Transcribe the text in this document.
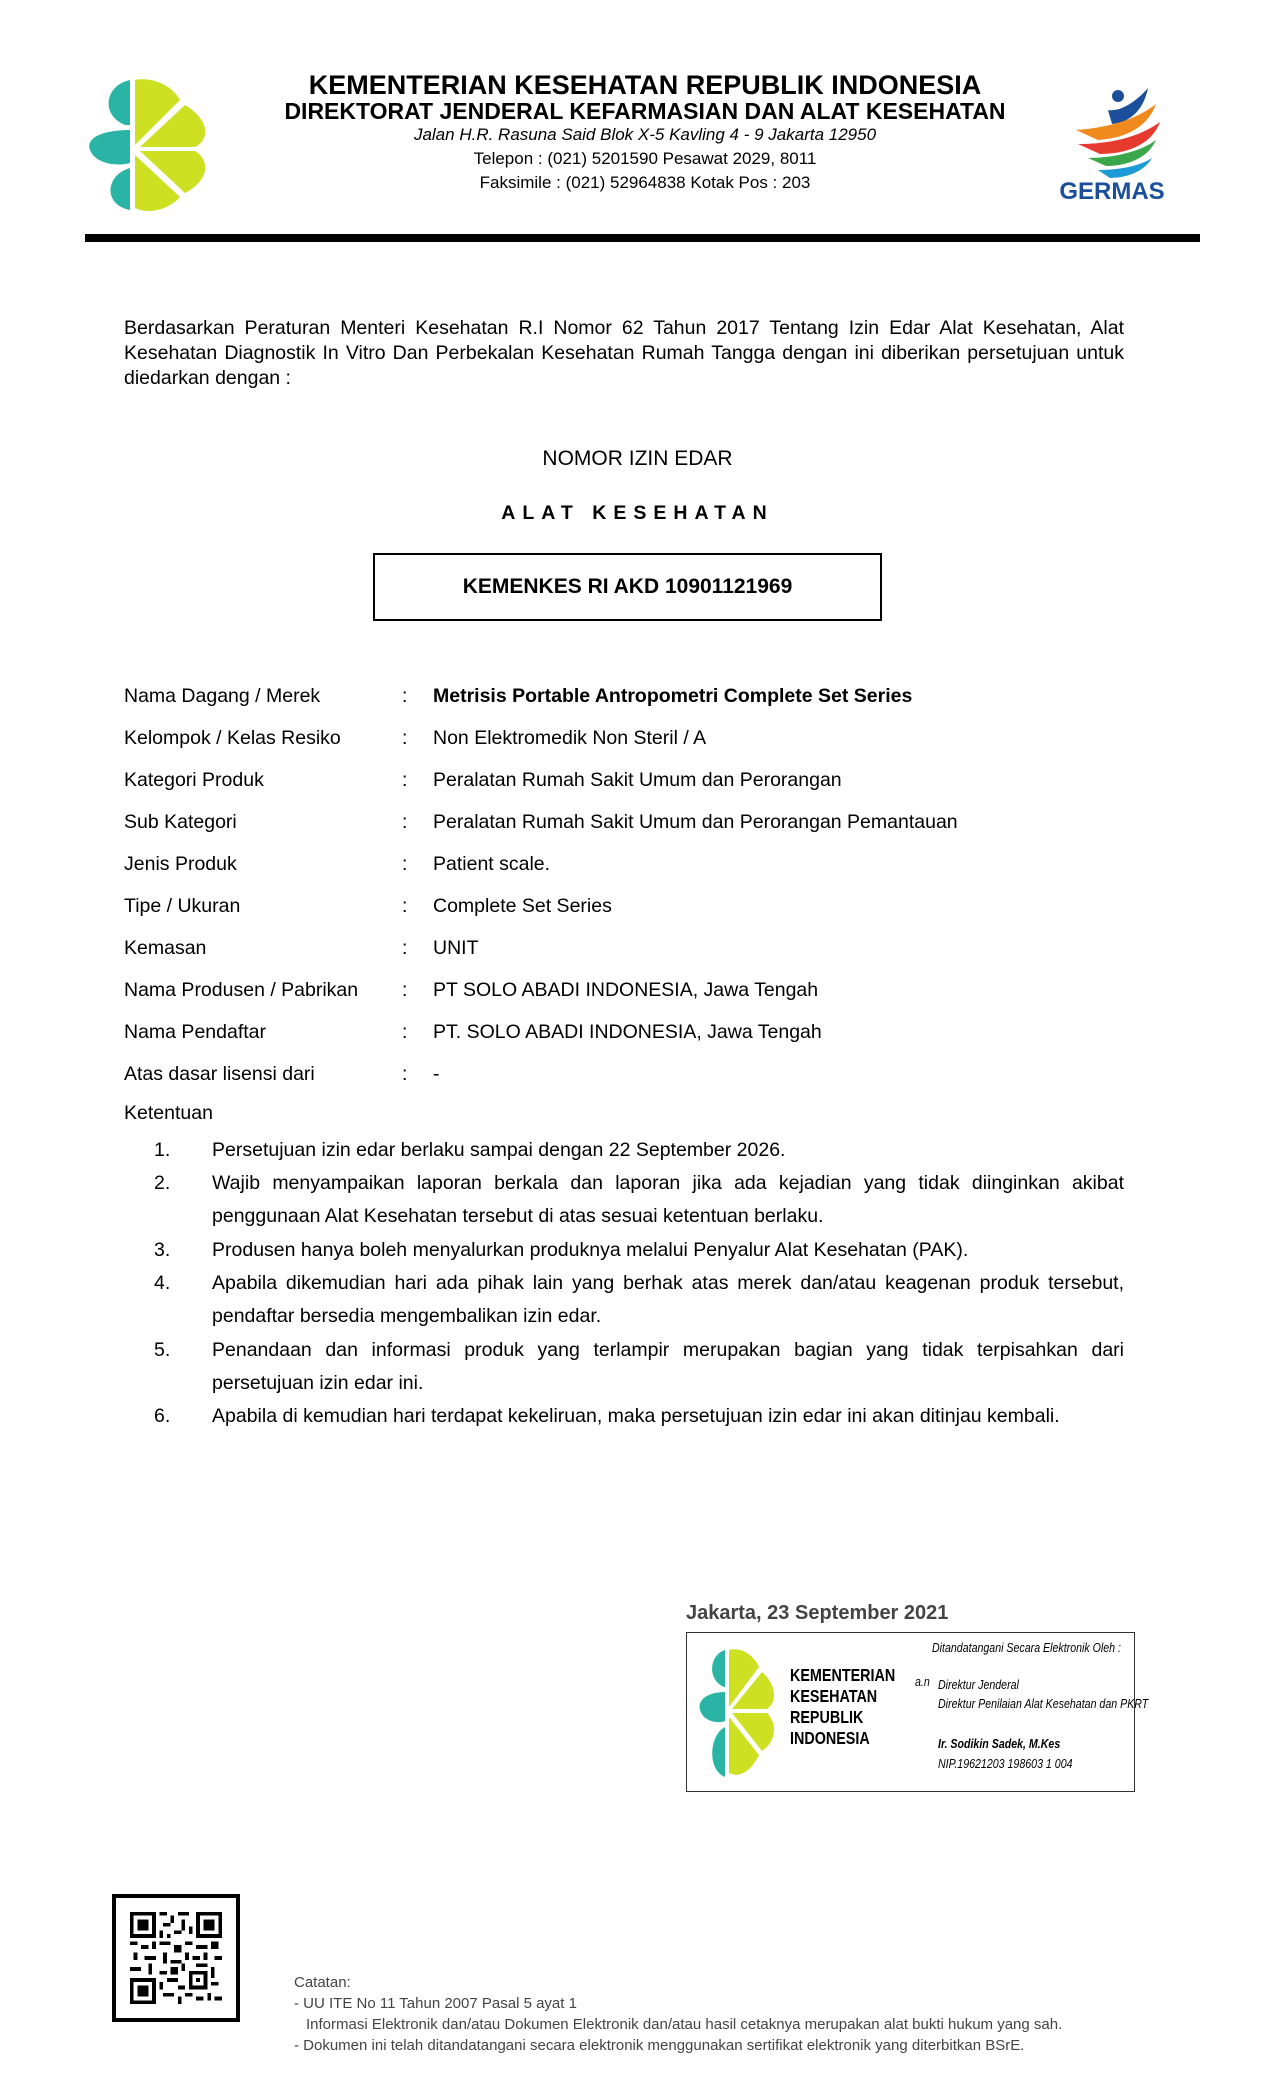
KEMENTERIAN KESEHATAN REPUBLIK INDONESIA
DIREKTORAT JENDERAL KEFARMASIAN DAN ALAT KESEHATAN
Jalan H.R. Rasuna Said Blok X-5 Kavling 4 - 9 Jakarta 12950
Telepon : (021) 5201590 Pesawat 2029, 8011
Faksimile : (021) 52964838 Kotak Pos : 203	GERMAS
Berdasarkan Peraturan Menteri Kesehatan R.I Nomor 62 Tahun 2017 Tentang Izin Edar Alat Kesehatan, Alat Kesehatan Diagnostik In Vitro Dan Perbekalan Kesehatan Rumah Tangga dengan ini diberikan persetujuan untuk diedarkan dengan :
NOMOR IZIN EDAR
ALAT KESEHATAN
KEMENKES RI AKD 10901121969
Nama Dagang / Merek	: Metrisis Portable Antropometri Complete Set Series
Kelompok / Kelas Resiko	: Non Elektromedik Non Steril / A
Kategori Produk	: Peralatan Rumah Sakit Umum dan Perorangan
Sub Kategori	: Peralatan Rumah Sakit Umum dan Perorangan Pemantauan
Jenis Produk	: Patient scale.
Tipe / Ukuran	: Complete Set Series
Kemasan	: UNIT
Nama Produsen / Pabrikan : PT SOLO ABADI INDONESIA, Jawa Tengah
Nama Pendaftar	: PT. SOLO ABADI INDONESIA, Jawa Tengah
Atas dasar lisensi dari	: -
Ketentuan
1. Persetujuan izin edar berlaku sampai dengan 22 September 2026.
2. Wajib menyampaikan laporan berkala dan laporan jika ada kejadian yang tidak diinginkan akibat penggunaan Alat Kesehatan tersebut di atas sesuai ketentuan berlaku.
3. Produsen hanya boleh menyalurkan produknya melalui Penyalur Alat Kesehatan (PAK).
4. Apabila dikemudian hari ada pihak lain yang berhak atas merek dan/atau keagenan produk tersebut, pendaftar bersedia mengembalikan izin edar.
5. Penandaan dan informasi produk yang terlampir merupakan bagian yang tidak terpisahkan dari persetujuan izin edar ini.
6. Apabila di kemudian hari terdapat kekeliruan, maka persetujuan izin edar ini akan ditinjau kembali.
Jakarta, 23 September 2021
KEMENTERIAN
KESEHATAN
REPUBLIK
INDONESIA
Ditandatangani Secara Elektronik Oleh :
a.n Direktur Jenderal
Direktur Penilaian Alat Kesehatan dan PKRT
Ir. Sodikin Sadek, M.Kes
NIP.19621203 198603 1 004
Catatan:
- UU ITE No 11 Tahun 2007 Pasal 5 ayat 1
Informasi Elektronik dan/atau Dokumen Elektronik dan/atau hasil cetaknya merupakan alat bukti hukum yang sah.
- Dokumen ini telah ditandatangani secara elektronik menggunakan sertifikat elektronik yang diterbitkan BSrE.
